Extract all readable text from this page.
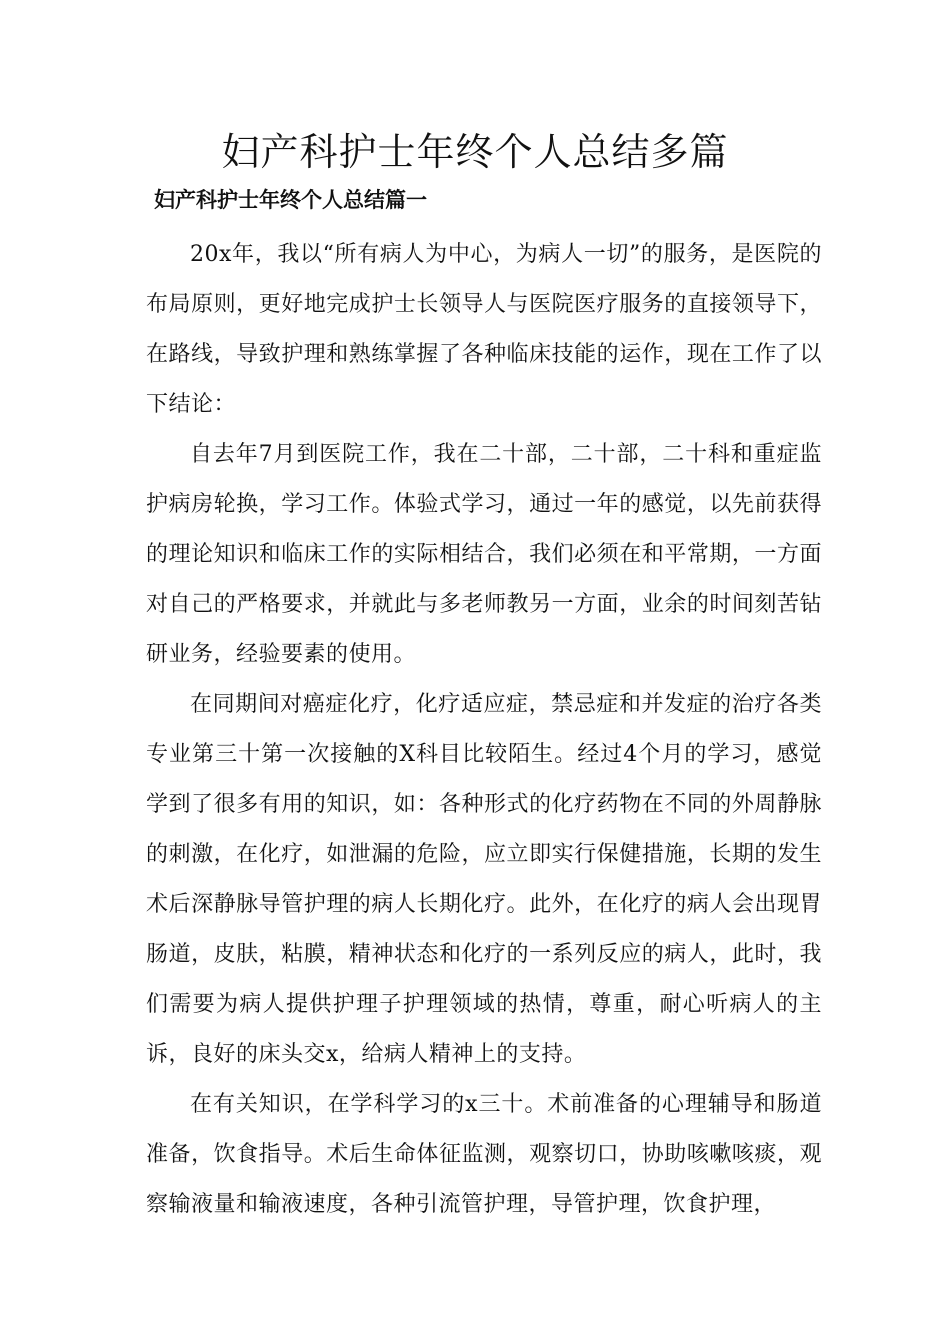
妇产科护士年终个人总结多篇
妇产科护士年终个人总结篇一

20x年，我以“所有病人为中心，为病人一切”的服务，是医院的布局原则，更好地完成护士长领导人与医院医疗服务的直接领导下，在路线，导致护理和熟练掌握了各种临床技能的运作，现在工作了以下结论：

自去年7月到医院工作，我在二十部，二十部，二十科和重症监护病房轮换，学习工作。体验式学习，通过一年的感觉，以先前获得的理论知识和临床工作的实际相结合，我们必须在和平常期，一方面对自己的严格要求，并就此与多老师教另一方面，业余的时间刻苦钻研业务，经验要素的使用。

在同期间对癌症化疗，化疗适应症，禁忌症和并发症的治疗各类专业第三十第一次接触的X科目比较陌生。经过4个月的学习，感觉学到了很多有用的知识，如：各种形式的化疗药物在不同的外周静脉的刺激，在化疗，如泄漏的危险，应立即实行保健措施，长期的发生术后深静脉导管护理的病人长期化疗。此外，在化疗的病人会出现胃肠道，皮肤，粘膜，精神状态和化疗的一系列反应的病人，此时，我们需要为病人提供护理子护理领域的热情，尊重，耐心听病人的主诉，良好的床头交x，给病人精神上的支持。

在有关知识，在学科学习的x三十。术前准备的心理辅导和肠道准备，饮食指导。术后生命体征监测，观察切口，协助咳嗽咳痰，观察输液量和输液速度，各种引流管护理，导管护理，饮食护理，
